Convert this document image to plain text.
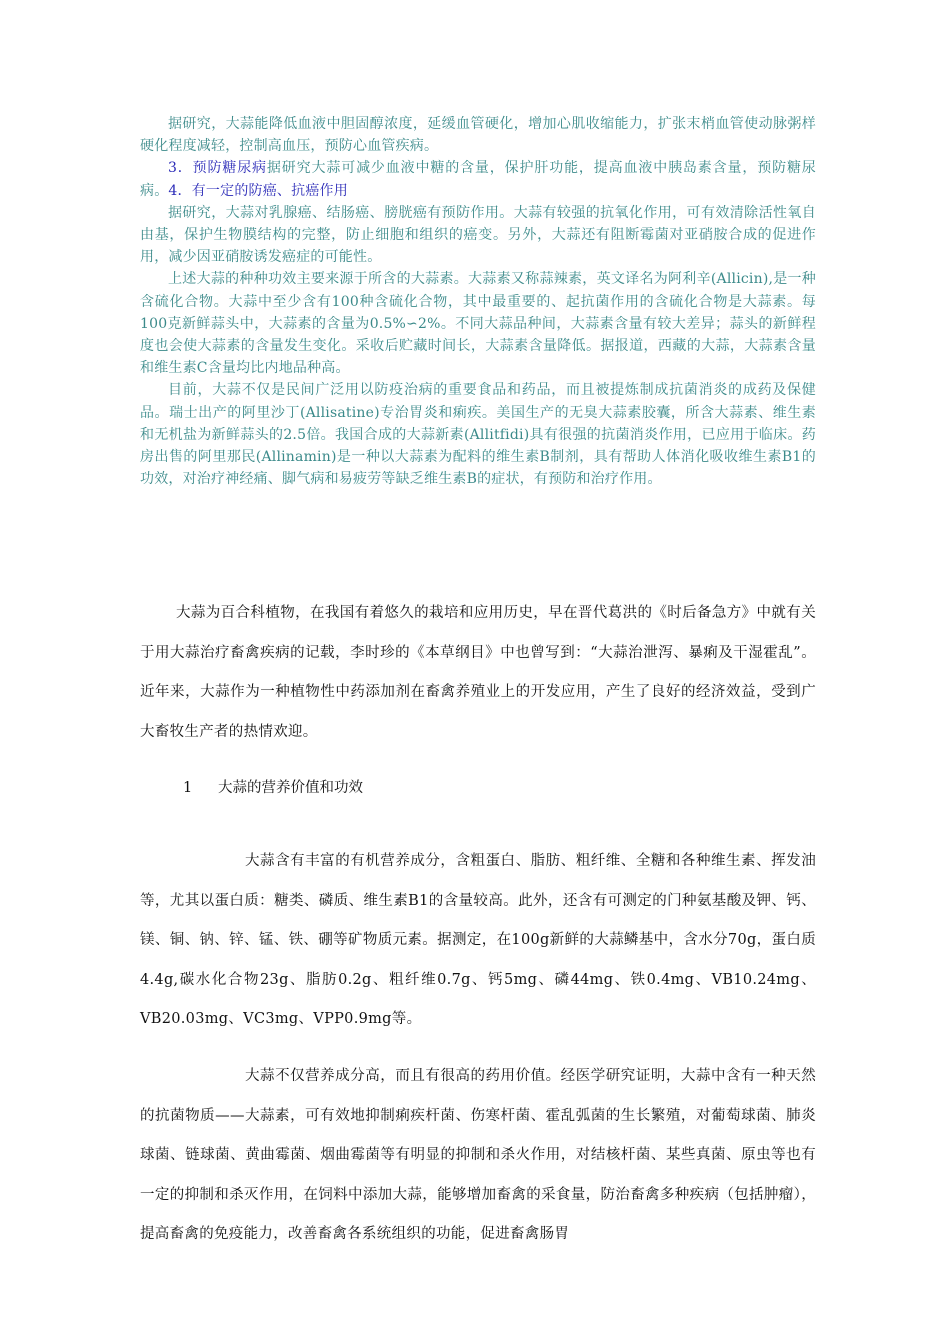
据研究，大蒜能降低血液中胆固醇浓度，延缓血管硬化，增加心肌收缩能力，扩张末梢血管使动脉粥样硬化程度减轻，控制高血压，预防心血管疾病。

3．预防糖尿病据研究大蒜可减少血液中糖的含量，保护肝功能，提高血液中胰岛素含量，预防糖尿病。4．有一定的防癌、抗癌作用

据研究，大蒜对乳腺癌、结肠癌、膀胱癌有预防作用。大蒜有较强的抗氧化作用，可有效清除活性氧自由基，保护生物膜结构的完整，防止细胞和组织的癌变。另外，大蒜还有阻断霉菌对亚硝胺合成的促进作用，减少因亚硝胺诱发癌症的可能性。

上述大蒜的种种功效主要来源于所含的大蒜素。大蒜素又称蒜辣素，英文译名为阿利辛(Allicin),是一种含硫化合物。大蒜中至少含有100种含硫化合物，其中最重要的、起抗菌作用的含硫化合物是大蒜素。每100克新鲜蒜头中，大蒜素的含量为0.5%∽2%。不同大蒜品种间，大蒜素含量有较大差异；蒜头的新鲜程度也会使大蒜素的含量发生变化。采收后贮藏时间长，大蒜素含量降低。据报道，西藏的大蒜，大蒜素含量和维生素C含量均比内地品种高。

目前，大蒜不仅是民间广泛用以防疫治病的重要食品和药品，而且被提炼制成抗菌消炎的成药及保健品。瑞士出产的阿里沙丁(Allisatine)专治胃炎和痢疾。美国生产的无臭大蒜素胶囊，所含大蒜素、维生素和无机盐为新鲜蒜头的2.5倍。我国合成的大蒜新素(Allitfidi)具有很强的抗菌消炎作用，已应用于临床。药房出售的阿里那民(Allinamin)是一种以大蒜素为配料的维生素B制剂，具有帮助人体消化吸收维生素B1的功效，对治疗神经痛、脚气病和易疲劳等缺乏维生素B的症状，有预防和治疗作用。

大蒜为百合科植物，在我国有着悠久的栽培和应用历史，早在晋代葛洪的《时后备急方》中就有关于用大蒜治疗畜禽疾病的记载，李时珍的《本草纲目》中也曾写到：“大蒜治泄泻、暴痢及干湿霍乱”。近年来，大蒜作为一种植物性中药添加剂在畜禽养殖业上的开发应用，产生了良好的经济效益，受到广大畜牧生产者的热情欢迎。

1 大蒜的营养价值和功效

大蒜含有丰富的有机营养成分，含粗蛋白、脂肪、粗纤维、全糖和各种维生素、挥发油等，尤其以蛋白质：糖类、磷质、维生素B1的含量较高。此外，还含有可测定的门种氨基酸及钾、钙、镁、铜、钠、锌、锰、铁、硼等矿物质元素。据测定，在100g新鲜的大蒜鳞基中，含水分70g，蛋白质4.4g,碳水化合物23g、脂肪0.2g、粗纤维0.7g、钙5mg、磷44mg、铁0.4mg、VB10.24mg、VB20.03mg、VC3mg、VPP0.9mg等。

大蒜不仅营养成分高，而且有很高的药用价值。经医学研究证明，大蒜中含有一种天然的抗菌物质——大蒜素，可有效地抑制痢疾杆菌、伤寒杆菌、霍乱弧菌的生长繁殖，对葡萄球菌、肺炎球菌、链球菌、黄曲霉菌、烟曲霉菌等有明显的抑制和杀火作用，对结核杆菌、某些真菌、原虫等也有一定的抑制和杀灭作用，在饲料中添加大蒜，能够增加畜禽的采食量，防治畜禽多种疾病（包括肿瘤），提高畜禽的免疫能力，改善畜禽各系统组织的功能，促进畜禽肠胃
